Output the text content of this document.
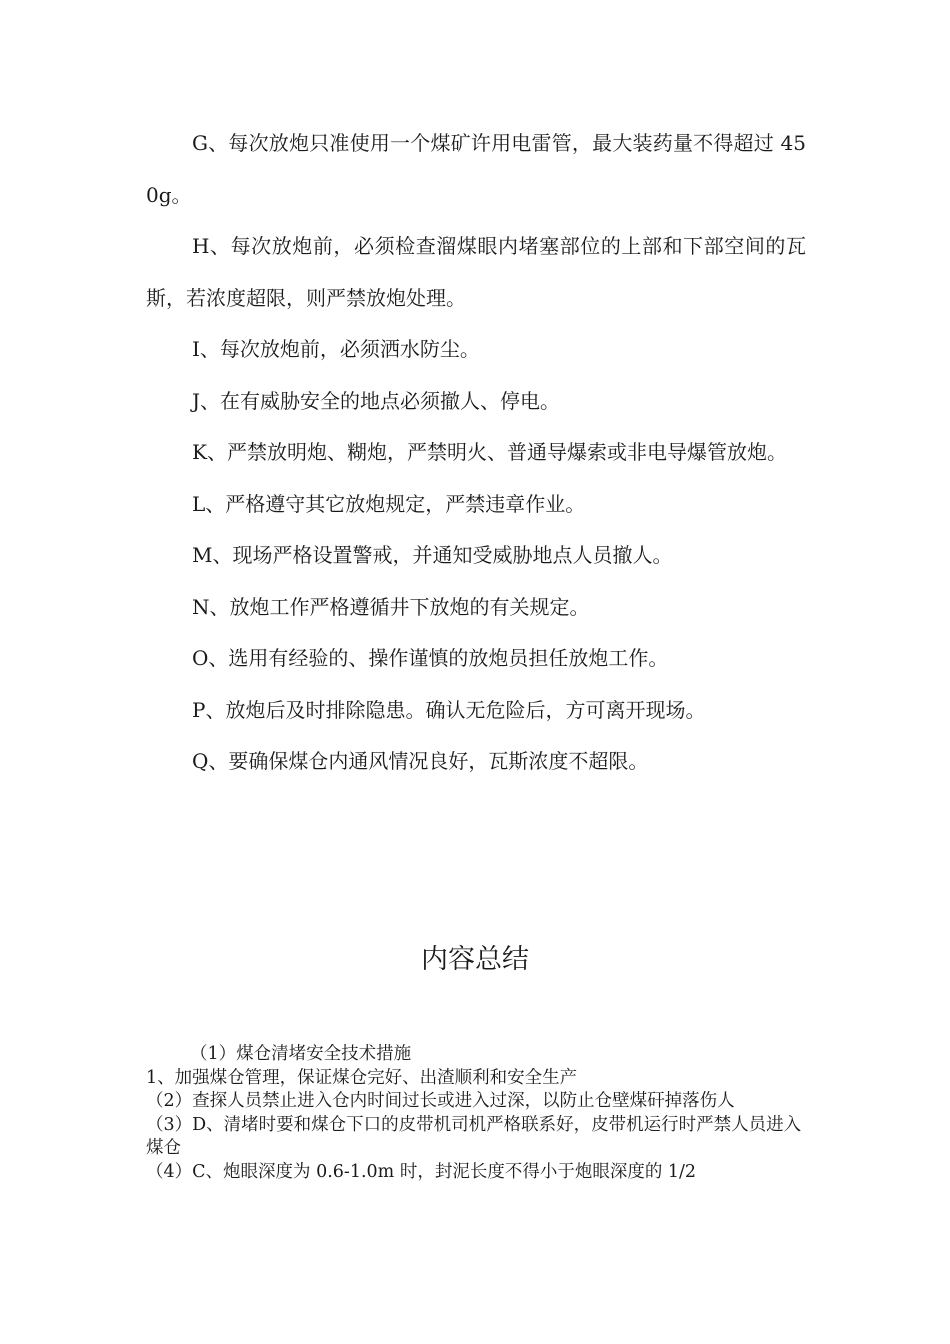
G、每次放炮只准使用一个煤矿许用电雷管，最大装药量不得超过 450g。

H、每次放炮前，必须检查溜煤眼内堵塞部位的上部和下部空间的瓦斯，若浓度超限，则严禁放炮处理。

I、每次放炮前，必须洒水防尘。

J、在有威胁安全的地点必须撤人、停电。

K、严禁放明炮、糊炮，严禁明火、普通导爆索或非电导爆管放炮。

L、严格遵守其它放炮规定，严禁违章作业。

M、现场严格设置警戒，并通知受威胁地点人员撤人。

N、放炮工作严格遵循井下放炮的有关规定。

O、选用有经验的、操作谨慎的放炮员担任放炮工作。

P、放炮后及时排除隐患。确认无危险后，方可离开现场。

Q、要确保煤仓内通风情况良好，瓦斯浓度不超限。

内容总结

（1）煤仓清堵安全技术措施

1、加强煤仓管理，保证煤仓完好、出渣顺利和安全生产

（2）查探人员禁止进入仓内时间过长或进入过深，以防止仓壁煤矸掉落伤人

（3）D、清堵时要和煤仓下口的皮带机司机严格联系好，皮带机运行时严禁人员进入煤仓

（4）C、炮眼深度为 0.6-1.0m 时，封泥长度不得小于炮眼深度的 1/2
